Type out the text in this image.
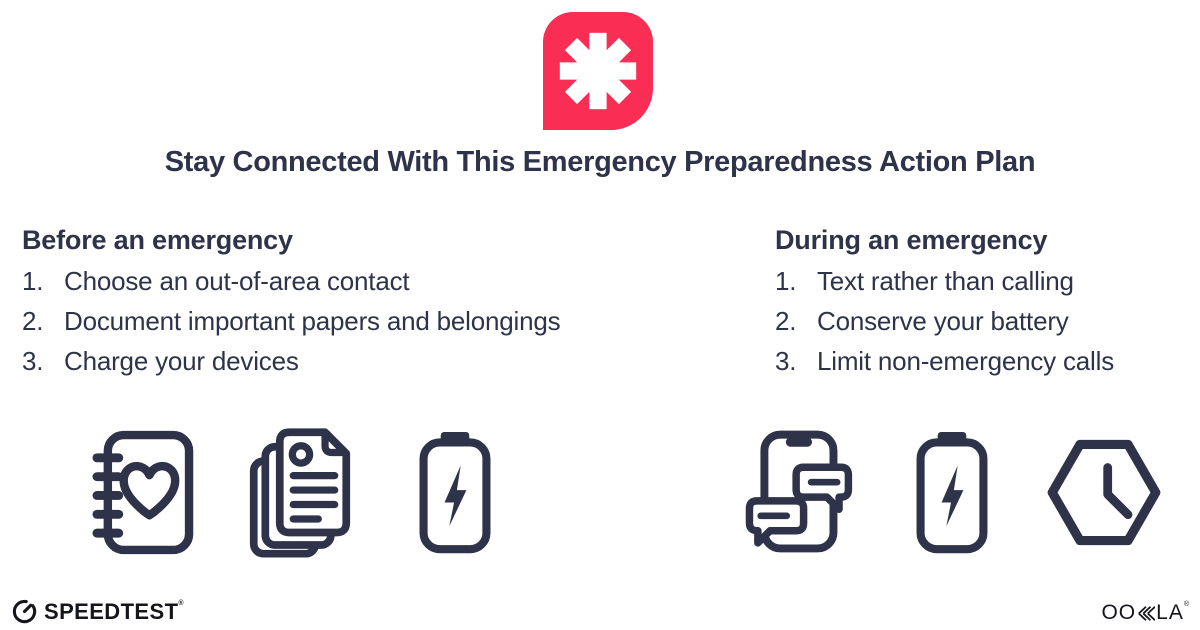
Stay Connected With This Emergency Preparedness Action Plan
Before an emergency
1. Choose an out-of-area contact
2. Document important papers and belongings
3. Charge your devices
During an emergency
1. Text rather than calling
2. Conserve your battery
3. Limit non-emergency calls
SPEEDTEST®	OO LA®
